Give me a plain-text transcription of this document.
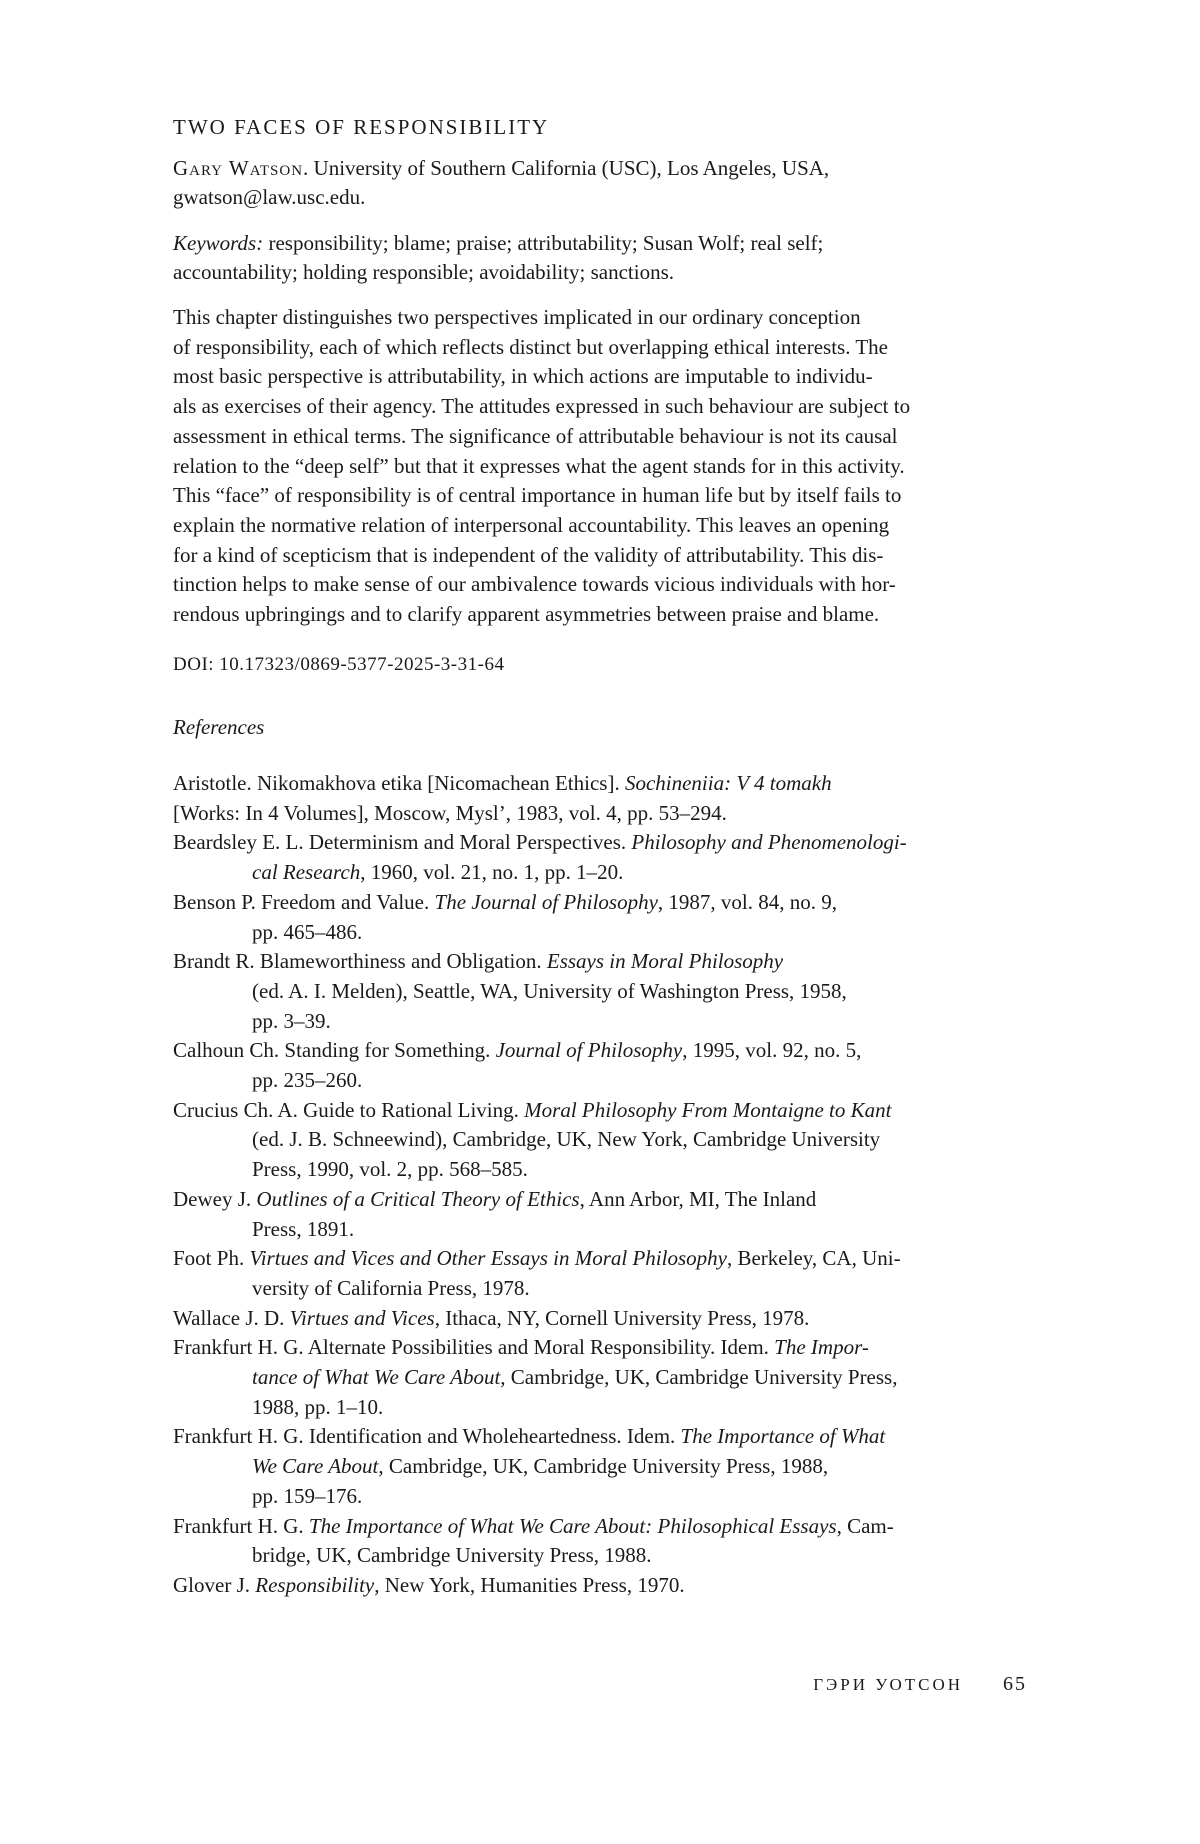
TWO FACES OF RESPONSIBILITY
Gary Watson. University of Southern California (USC), Los Angeles, USA,
gwatson@law.usc.edu.
Keywords: responsibility; blame; praise; attributability; Susan Wolf; real self;
accountability; holding responsible; avoidability; sanctions.
This chapter distinguishes two perspectives implicated in our ordinary conception
of responsibility, each of which reflects distinct but overlapping ethical interests. The
most basic perspective is attributability, in which actions are imputable to individu-
als as exercises of their agency. The attitudes expressed in such behaviour are subject to
assessment in ethical terms. The significance of attributable behaviour is not its causal
relation to the “deep self” but that it expresses what the agent stands for in this activity.
This “face” of responsibility is of central importance in human life but by itself fails to
explain the normative relation of interpersonal accountability. This leaves an opening
for a kind of scepticism that is independent of the validity of attributability. This dis-
tinction helps to make sense of our ambivalence towards vicious individuals with hor-
rendous upbringings and to clarify apparent asymmetries between praise and blame.
DOI: 10.17323/0869-5377-2025-3-31-64
References
Aristotle. Nikomakhova etika [Nicomachean Ethics]. Sochineniia: V 4 tomakh
[Works: In 4 Volumes], Moscow, Mysl’, 1983, vol. 4, pp. 53–294.
Beardsley E. L. Determinism and Moral Perspectives. Philosophy and Phenomenologi-
cal Research, 1960, vol. 21, no. 1, pp. 1–20.
Benson P. Freedom and Value. The Journal of Philosophy, 1987, vol. 84, no. 9,
pp. 465–486.
Brandt R. Blameworthiness and Obligation. Essays in Moral Philosophy
(ed. A. I. Melden), Seattle, WA, University of Washington Press, 1958,
pp. 3–39.
Calhoun Ch. Standing for Something. Journal of Philosophy, 1995, vol. 92, no. 5,
pp. 235–260.
Crucius Ch. A. Guide to Rational Living. Moral Philosophy From Montaigne to Kant
(ed. J. B. Schneewind), Cambridge, UK, New York, Cambridge University
Press, 1990, vol. 2, pp. 568–585.
Dewey J. Outlines of a Critical Theory of Ethics, Ann Arbor, MI, The Inland
Press, 1891.
Foot Ph. Virtues and Vices and Other Essays in Moral Philosophy, Berkeley, CA, Uni-
versity of California Press, 1978.
Wallace J. D. Virtues and Vices, Ithaca, NY, Cornell University Press, 1978.
Frankfurt H. G. Alternate Possibilities and Moral Responsibility. Idem. The Impor-
tance of What We Care About, Cambridge, UK, Cambridge University Press,
1988, pp. 1–10.
Frankfurt H. G. Identification and Wholeheartedness. Idem. The Importance of What
We Care About, Cambridge, UK, Cambridge University Press, 1988,
pp. 159–176.
Frankfurt H. G. The Importance of What We Care About: Philosophical Essays, Cam-
bridge, UK, Cambridge University Press, 1988.
Glover J. Responsibility, New York, Humanities Press, 1970.
ГЭРИ УОТСОН 65
